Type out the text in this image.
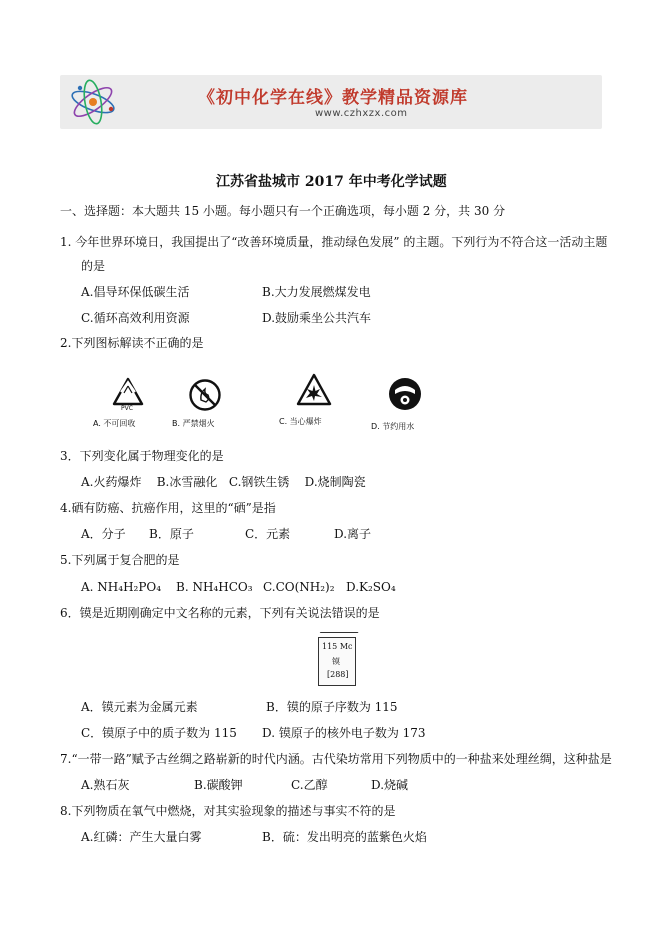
《初中化学在线》教学精品资源库
www.czhxzx.com
江苏省盐城市 2017 年中考化学试题
一、选择题：本大题共 15 小题。每小题只有一个正确选项，每小题 2 分，共 30 分
1. 今年世界环境日，我国提出了“改善环境质量，推动绿色发展” 的主题。下列行为不符合这一活动主题
的是
A.倡导环保低碳生活	B.大力发展燃煤发电
C.循环高效利用资源	D.鼓励乘坐公共汽车
2.下列图标解读不正确的是
PVC
A. 不可回收	B. 严禁烟火	C. 当心爆炸
D. 节约用水
3．下列变化属于物理变化的是
A.火药爆炸    B.冰雪融化   C.钢铁生锈    D.烧制陶瓷
4.硒有防癌、抗癌作用，这里的“硒”是指
A．分子 B．原子	C．元素	D.离子
5.下列属于复合肥的是
A. NH₄H₂PO₄ B. NH₄HCO₃ C.CO(NH₂)₂ D.K₂SO₄
6．镆是近期刚确定中文名称的元素，下列有关说法错误的是
115 Mc
镆
[288]
A．镆元素为金属元素	B．镆的原子序数为 115
C．镆原子中的质子数为 115 D. 镆原子的核外电子数为 173
7.“一带一路”赋予古丝绸之路崭新的时代内涵。古代染坊常用下列物质中的一种盐来处理丝绸，这种盐是
A.熟石灰	B.碳酸钾	C.乙醇	D.烧碱
8.下列物质在氧气中燃烧，对其实验现象的描述与事实不符的是
A.红磷：产生大量白雾	B．硫：发出明亮的蓝紫色火焰
